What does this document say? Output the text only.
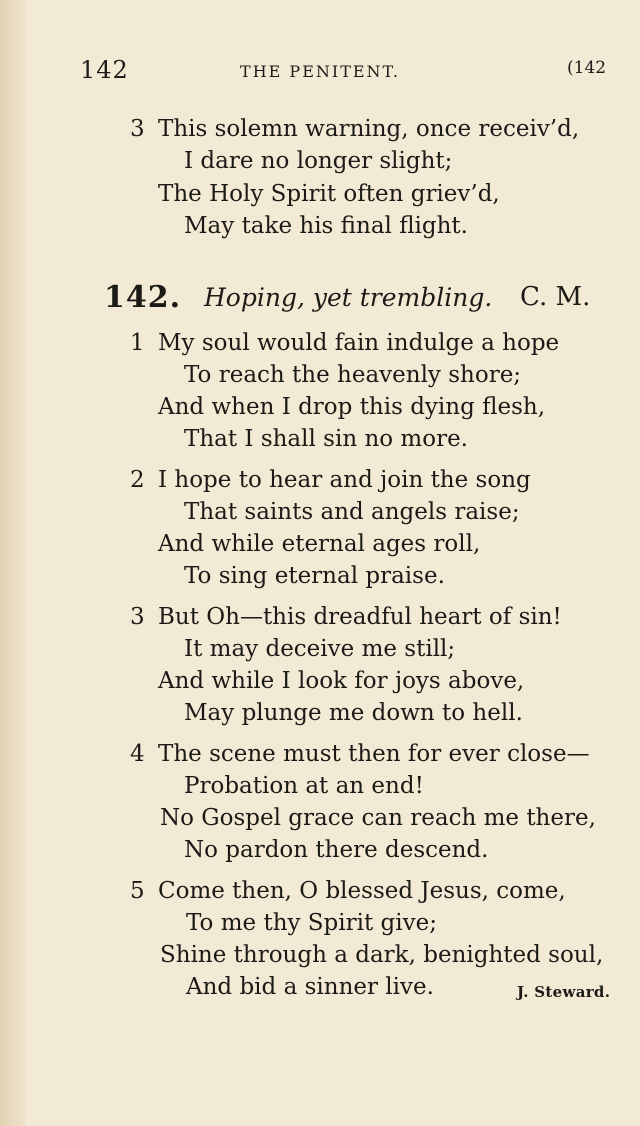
142	THE PENITENT.	(142
3 This solemn warning, once receiv’d,
I dare no longer slight;
The Holy Spirit often griev’d,
May take his final flight.
142. Hoping, yet trembling. C. M.
1 My soul would fain indulge a hope
To reach the heavenly shore;
And when I drop this dying flesh,
That I shall sin no more.
2 I hope to hear and join the song
That saints and angels raise;
And while eternal ages roll,
To sing eternal praise.
3 But Oh—this dreadful heart of sin!
It may deceive me still;
And while I look for joys above,
May plunge me down to hell.
4 The scene must then for ever close—
Probation at an end!
No Gospel grace can reach me there,
No pardon there descend.
5 Come then, O blessed Jesus, come,
To me thy Spirit give;
Shine through a dark, benighted soul,
And bid a sinner live.	J. Steward.
